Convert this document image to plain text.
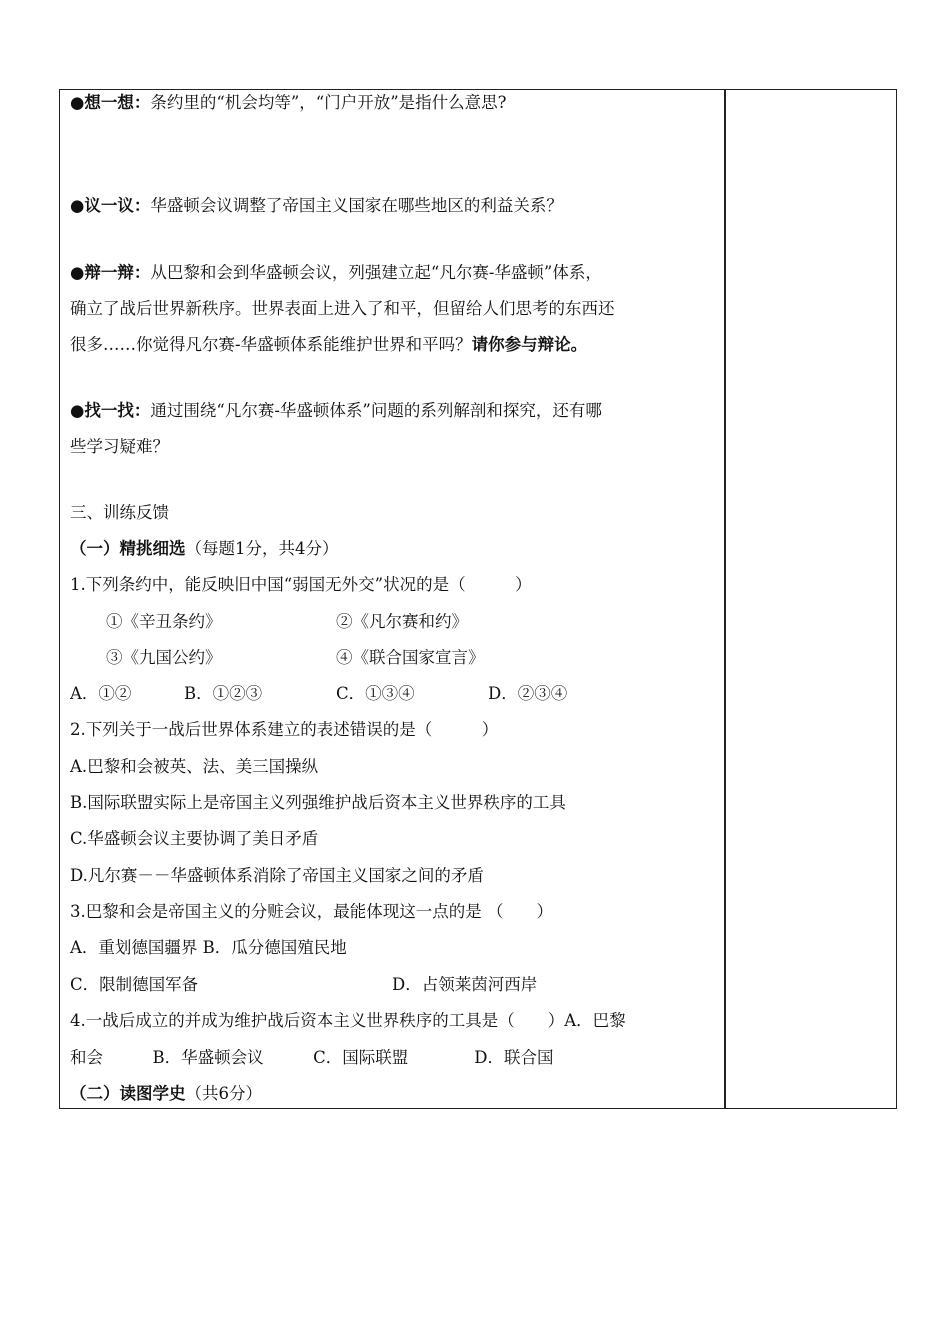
●想一想：条约里的“机会均等”，“门户开放”是指什么意思?
●议一议：华盛顿会议调整了帝国主义国家在哪些地区的利益关系？
●辩一辩：从巴黎和会到华盛顿会议，列强建立起“凡尔赛-华盛顿”体系，
确立了战后世界新秩序。世界表面上进入了和平，但留给人们思考的东西还
很多……你觉得凡尔赛-华盛顿体系能维护世界和平吗？请你参与辩论。
●找一找：通过围绕“凡尔赛-华盛顿体系”问题的系列解剖和探究，还有哪
些学习疑难？
三、训练反馈
（一）精挑细选（每题1分，共4分）
1.下列条约中，能反映旧中国“弱国无外交”状况的是（　　　）
①《辛丑条约》	②《凡尔赛和约》
③《九国公约》	④《联合国家宣言》
A．①②	B．①②③	C．①③④	D．②③④
2.下列关于一战后世界体系建立的表述错误的是（　　　）
A.巴黎和会被英、法、美三国操纵
B.国际联盟实际上是帝国主义列强维护战后资本主义世界秩序的工具
C.华盛顿会议主要协调了美日矛盾
D.凡尔赛－－华盛顿体系消除了帝国主义国家之间的矛盾
3.巴黎和会是帝国主义的分赃会议，最能体现这一点的是 （　　）
A．重划德国疆界 B．瓜分德国殖民地
C．限制德国军备	D．占领莱茵河西岸
4.一战后成立的并成为维护战后资本主义世界秩序的工具是（　　）A．巴黎
和会　　　B．华盛顿会议　　　C．国际联盟　　　　D．联合国
（二）读图学史（共6分）
